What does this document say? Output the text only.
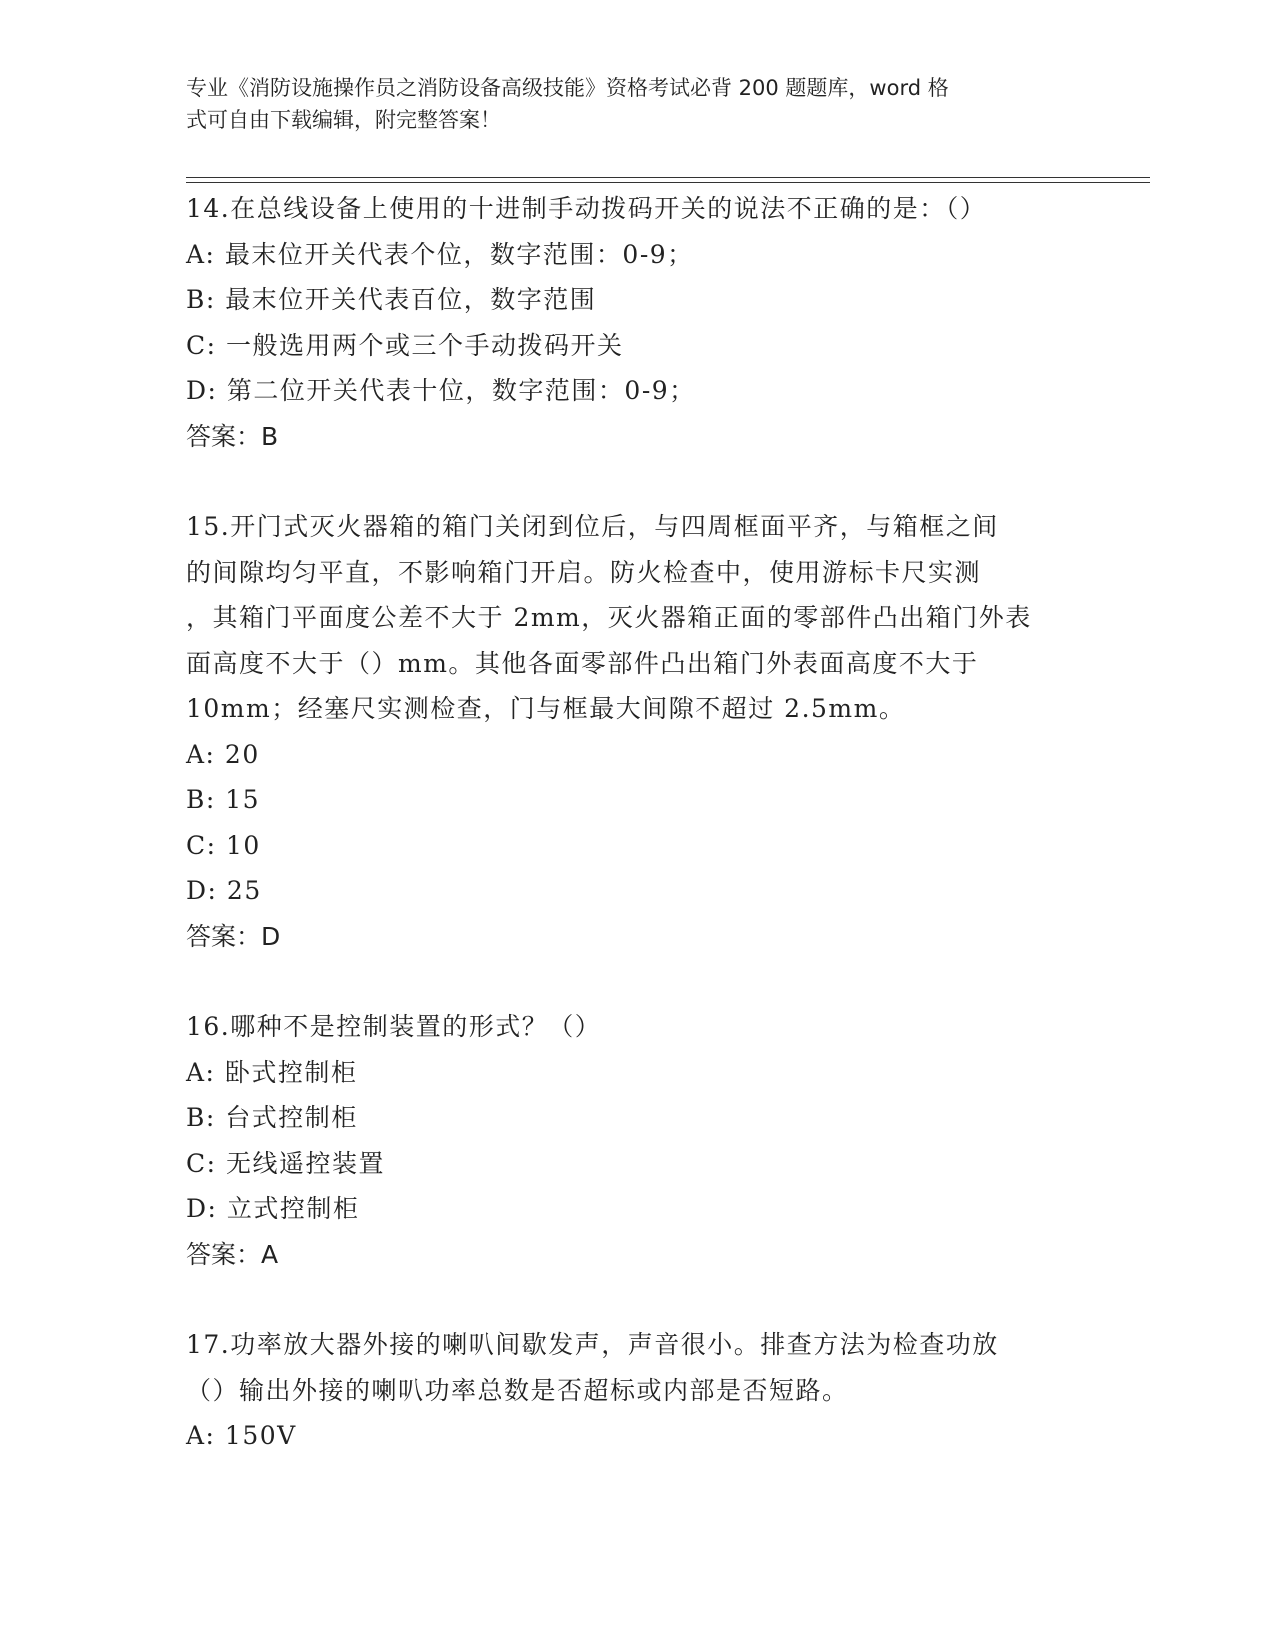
专业《消防设施操作员之消防设备高级技能》资格考试必背 200 题题库，word 格
式可自由下载编辑，附完整答案！
14.在总线设备上使用的十进制手动拨码开关的说法不正确的是：（）
A: 最末位开关代表个位，数字范围：0-9；
B: 最末位开关代表百位，数字范围
C: 一般选用两个或三个手动拨码开关
D: 第二位开关代表十位，数字范围：0-9；
答案：B
15.开门式灭火器箱的箱门关闭到位后，与四周框面平齐，与箱框之间
的间隙均匀平直，不影响箱门开启。防火检查中，使用游标卡尺实测
，其箱门平面度公差不大于 2mm，灭火器箱正面的零部件凸出箱门外表
面高度不大于（）mm。其他各面零部件凸出箱门外表面高度不大于
10mm；经塞尺实测检查，门与框最大间隙不超过 2.5mm。
A: 20
B: 15
C: 10
D: 25
答案：D
16.哪种不是控制装置的形式？（）
A: 卧式控制柜
B: 台式控制柜
C: 无线遥控装置
D: 立式控制柜
答案：A
17.功率放大器外接的喇叭间歇发声，声音很小。排查方法为检查功放
（）输出外接的喇叭功率总数是否超标或内部是否短路。
A: 150V
